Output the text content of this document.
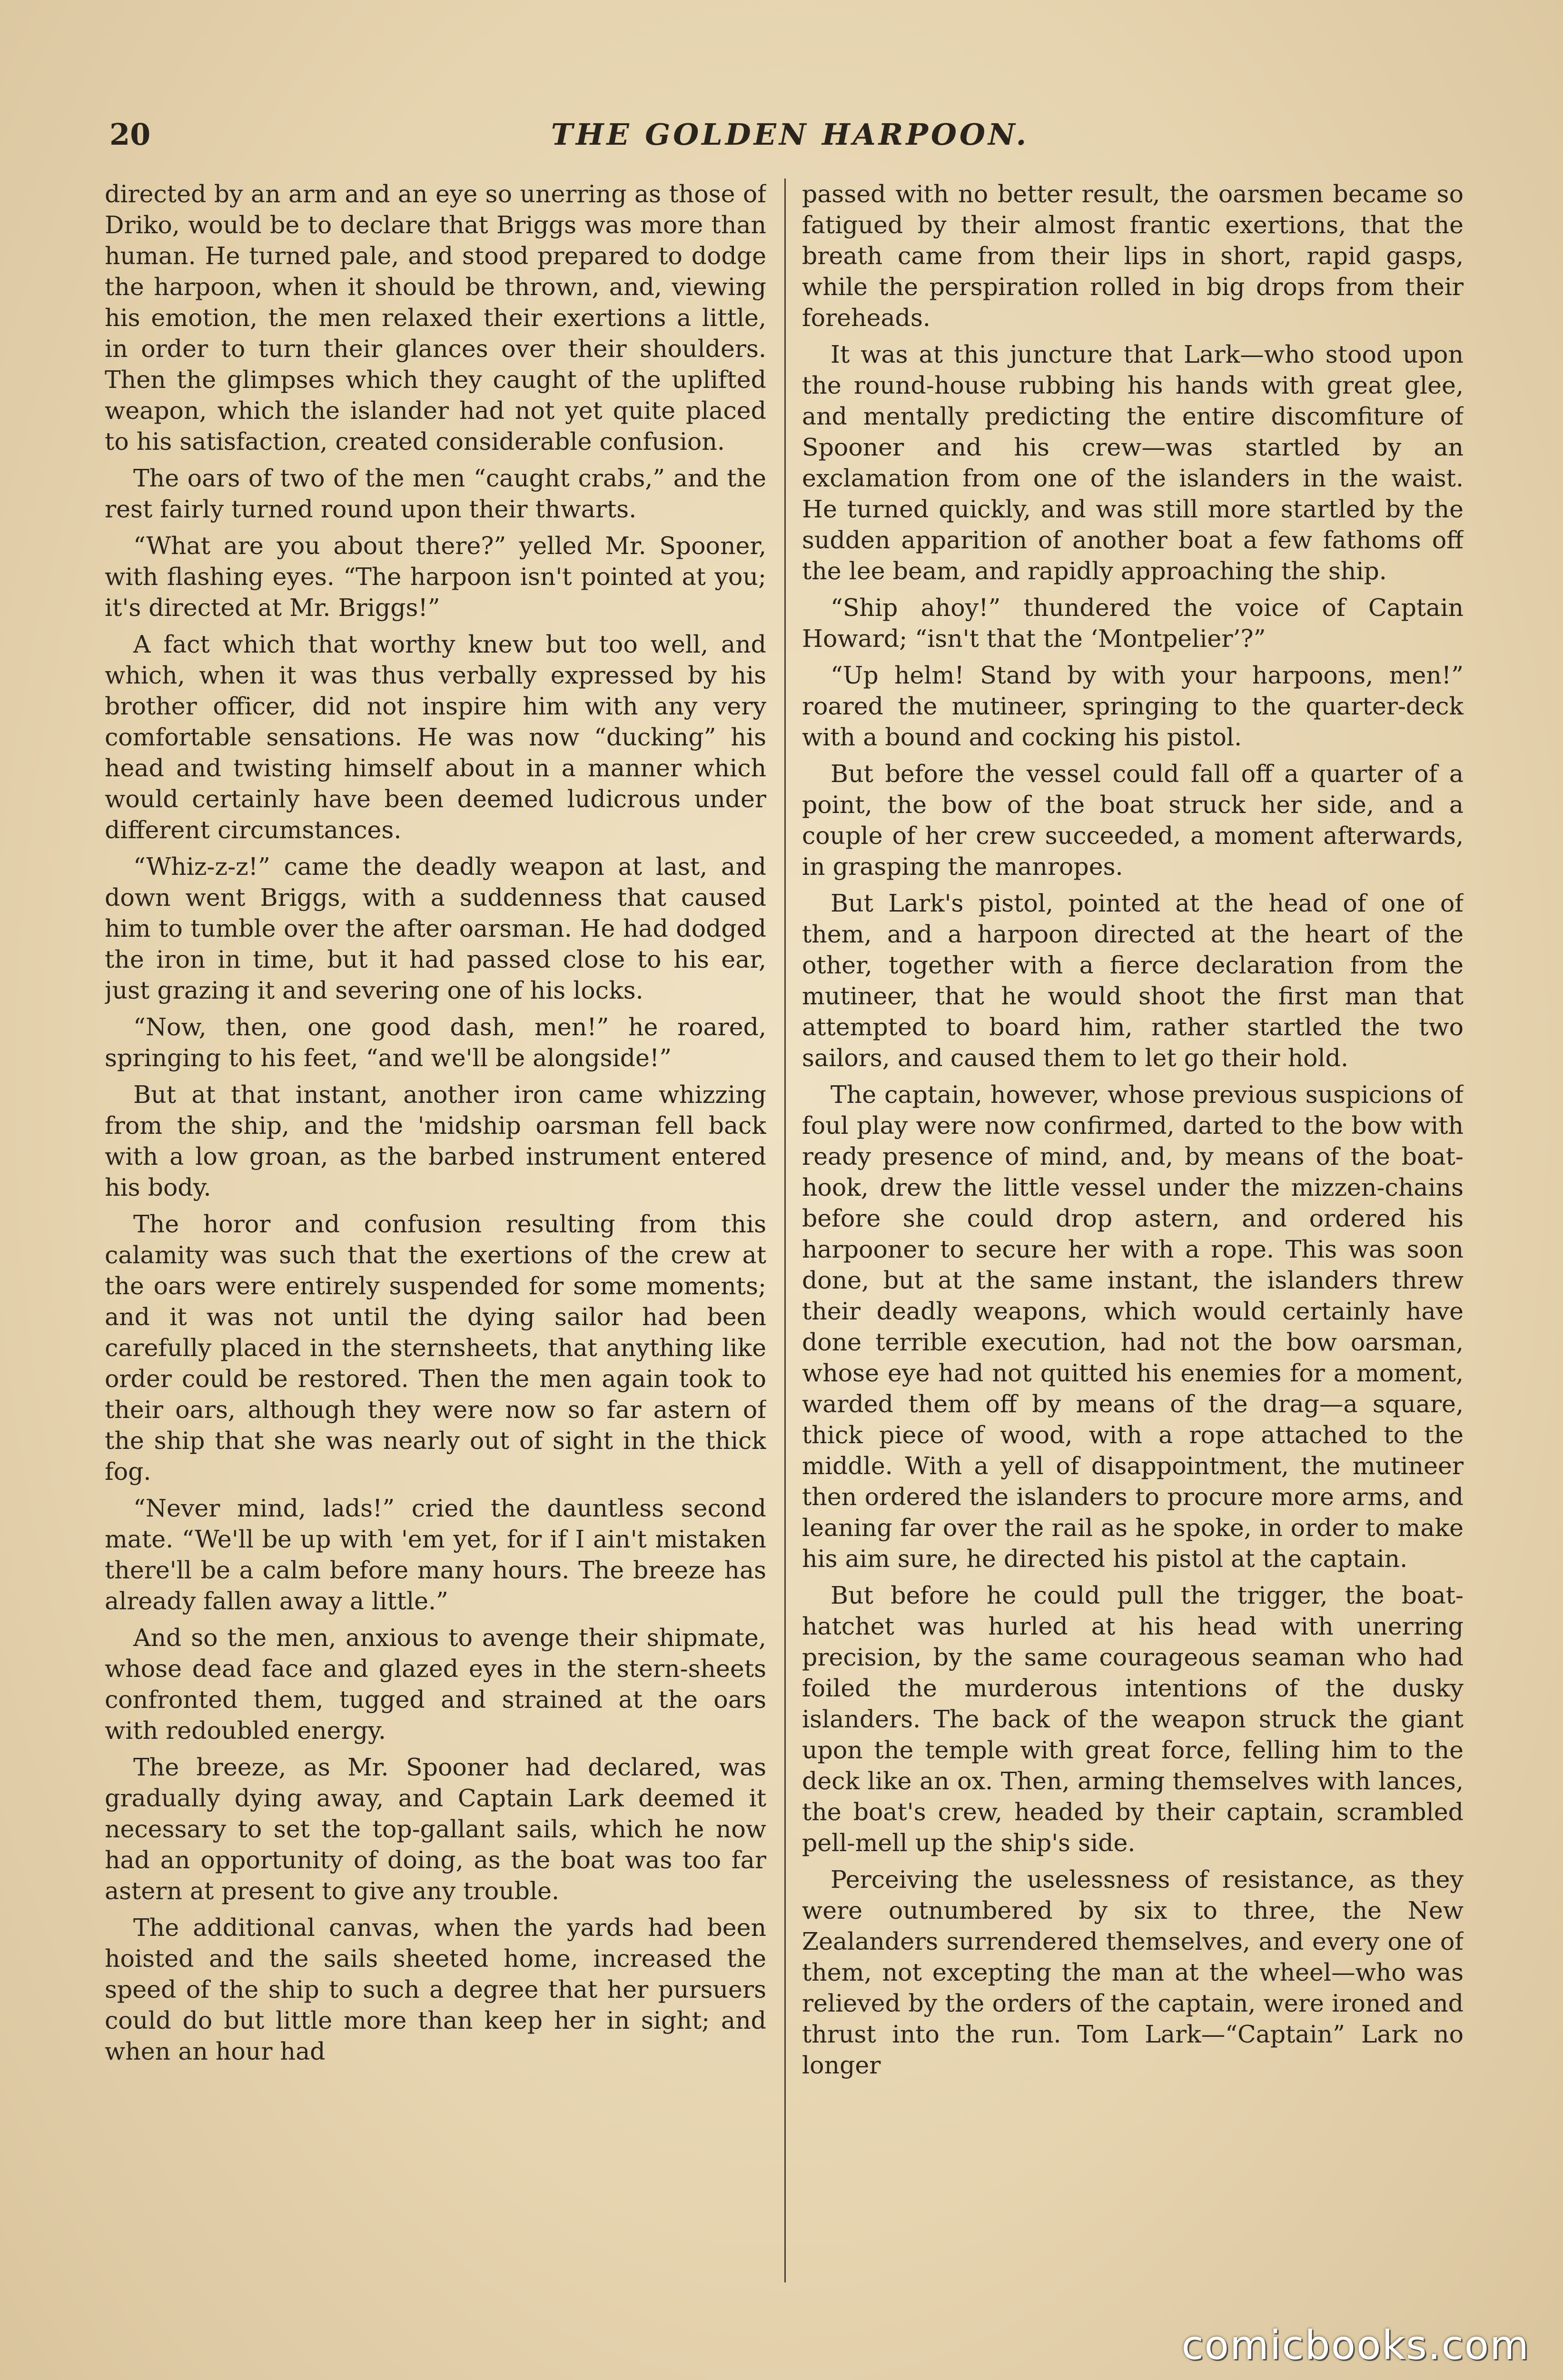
20	THE GOLDEN HARPOON.

directed by an arm and an eye so unerring as those of Driko, would be to declare that Briggs was more than human. He turned pale, and stood prepared to dodge the harpoon, when it should be thrown, and, viewing his emotion, the men relaxed their exertions a little, in order to turn their glances over their shoulders. Then the glimpses which they caught of the uplifted weapon, which the islander had not yet quite placed to his satisfaction, created considerable confusion.

The oars of two of the men “caught crabs,” and the rest fairly turned round upon their thwarts.

“What are you about there?” yelled Mr. Spooner, with flashing eyes. “The harpoon isn't pointed at you; it's directed at Mr. Briggs!”

A fact which that worthy knew but too well, and which, when it was thus verbally expressed by his brother officer, did not inspire him with any very comfortable sensations. He was now “ducking” his head and twisting himself about in a manner which would certainly have been deemed ludicrous under different circumstances.

“Whiz-z-z!” came the deadly weapon at last, and down went Briggs, with a suddenness that caused him to tumble over the after oarsman. He had dodged the iron in time, but it had passed close to his ear, just grazing it and severing one of his locks.

“Now, then, one good dash, men!” he roared, springing to his feet, “and we'll be alongside!”

But at that instant, another iron came whizzing from the ship, and the 'midship oarsman fell back with a low groan, as the barbed instrument entered his body.

The horor and confusion resulting from this calamity was such that the exertions of the crew at the oars were entirely suspended for some moments; and it was not until the dying sailor had been carefully placed in the sternsheets, that anything like order could be restored. Then the men again took to their oars, although they were now so far astern of the ship that she was nearly out of sight in the thick fog.

“Never mind, lads!” cried the dauntless second mate. “We'll be up with 'em yet, for if I ain't mistaken there'll be a calm before many hours. The breeze has already fallen away a little.”

And so the men, anxious to avenge their shipmate, whose dead face and glazed eyes in the stern-sheets confronted them, tugged and strained at the oars with redoubled energy.

The breeze, as Mr. Spooner had declared, was gradually dying away, and Captain Lark deemed it necessary to set the top-gallant sails, which he now had an opportunity of doing, as the boat was too far astern at present to give any trouble.

The additional canvas, when the yards had been hoisted and the sails sheeted home, increased the speed of the ship to such a degree that her pursuers could do but little more than keep her in sight; and when an hour had

passed with no better result, the oarsmen became so fatigued by their almost frantic exertions, that the breath came from their lips in short, rapid gasps, while the perspiration rolled in big drops from their foreheads.

It was at this juncture that Lark—who stood upon the round-house rubbing his hands with great glee, and mentally predicting the entire discomfiture of Spooner and his crew—was startled by an exclamation from one of the islanders in the waist. He turned quickly, and was still more startled by the sudden apparition of another boat a few fathoms off the lee beam, and rapidly approaching the ship.

“Ship ahoy!” thundered the voice of Captain Howard; “isn't that the ‘Montpelier’?”

“Up helm! Stand by with your harpoons, men!” roared the mutineer, springing to the quarter-deck with a bound and cocking his pistol.

But before the vessel could fall off a quarter of a point, the bow of the boat struck her side, and a couple of her crew succeeded, a moment afterwards, in grasping the manropes.

But Lark's pistol, pointed at the head of one of them, and a harpoon directed at the heart of the other, together with a fierce declaration from the mutineer, that he would shoot the first man that attempted to board him, rather startled the two sailors, and caused them to let go their hold.

The captain, however, whose previous suspicions of foul play were now confirmed, darted to the bow with ready presence of mind, and, by means of the boat-hook, drew the little vessel under the mizzen-chains before she could drop astern, and ordered his harpooner to secure her with a rope. This was soon done, but at the same instant, the islanders threw their deadly weapons, which would certainly have done terrible execution, had not the bow oarsman, whose eye had not quitted his enemies for a moment, warded them off by means of the drag—a square, thick piece of wood, with a rope attached to the middle. With a yell of disappointment, the mutineer then ordered the islanders to procure more arms, and leaning far over the rail as he spoke, in order to make his aim sure, he directed his pistol at the captain.

But before he could pull the trigger, the boat-hatchet was hurled at his head with unerring precision, by the same courageous seaman who had foiled the murderous intentions of the dusky islanders. The back of the weapon struck the giant upon the temple with great force, felling him to the deck like an ox. Then, arming themselves with lances, the boat's crew, headed by their captain, scrambled pell-mell up the ship's side.

Perceiving the uselessness of resistance, as they were outnumbered by six to three, the New Zealanders surrendered themselves, and every one of them, not excepting the man at the wheel—who was relieved by the orders of the captain, were ironed and thrust into the run. Tom Lark—“Captain” Lark no longer

comicbooks.com
